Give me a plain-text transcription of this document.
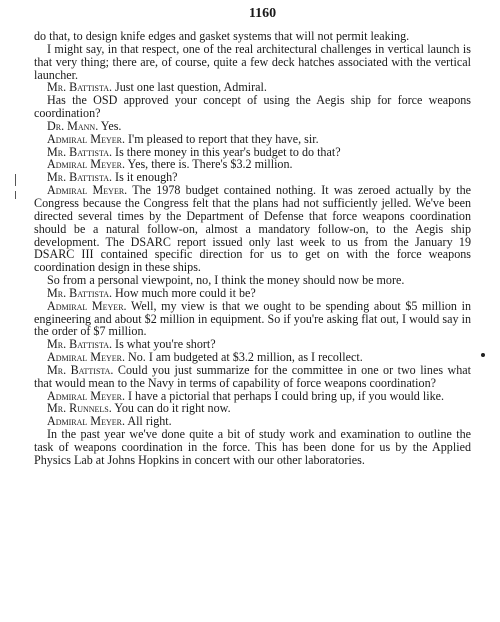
1160

do that, to design knife edges and gasket systems that will not permit leaking.

I might say, in that respect, one of the real architectural challenges in vertical launch is that very thing; there are, of course, quite a few deck hatches associated with the vertical launcher.

Mr. Battista. Just one last question, Admiral.

Has the OSD approved your concept of using the Aegis ship for force weapons coordination?

Dr. Mann. Yes.

Admiral Meyer. I'm pleased to report that they have, sir.

Mr. Battista. Is there money in this year's budget to do that?

Admiral Meyer. Yes, there is. There's $3.2 million.

Mr. Battista. Is it enough?

Admiral Meyer. The 1978 budget contained nothing. It was zeroed actually by the Congress because the Congress felt that the plans had not sufficiently jelled. We've been directed several times by the Department of Defense that force weapons coordination should be a natural follow-on, almost a mandatory follow-on, to the Aegis ship development. The DSARC report issued only last week to us from the January 19 DSARC III contained specific direction for us to get on with the force weapons coordination design in these ships.

So from a personal viewpoint, no, I think the money should now be more.

Mr. Battista. How much more could it be?

Admiral Meyer. Well, my view is that we ought to be spending about $5 million in engineering and about $2 million in equipment. So if you're asking flat out, I would say in the order of $7 million.

Mr. Battista. Is what you're short?

Admiral Meyer. No. I am budgeted at $3.2 million, as I recollect.

Mr. Battista. Could you just summarize for the committee in one or two lines what that would mean to the Navy in terms of capability of force weapons coordination?

Admiral Meyer. I have a pictorial that perhaps I could bring up, if you would like.

Mr. Runnels. You can do it right now.

Admiral Meyer. All right.

In the past year we've done quite a bit of study work and examination to outline the task of weapons coordination in the force. This has been done for us by the Applied Physics Lab at Johns Hopkins in concert with our other laboratories.
